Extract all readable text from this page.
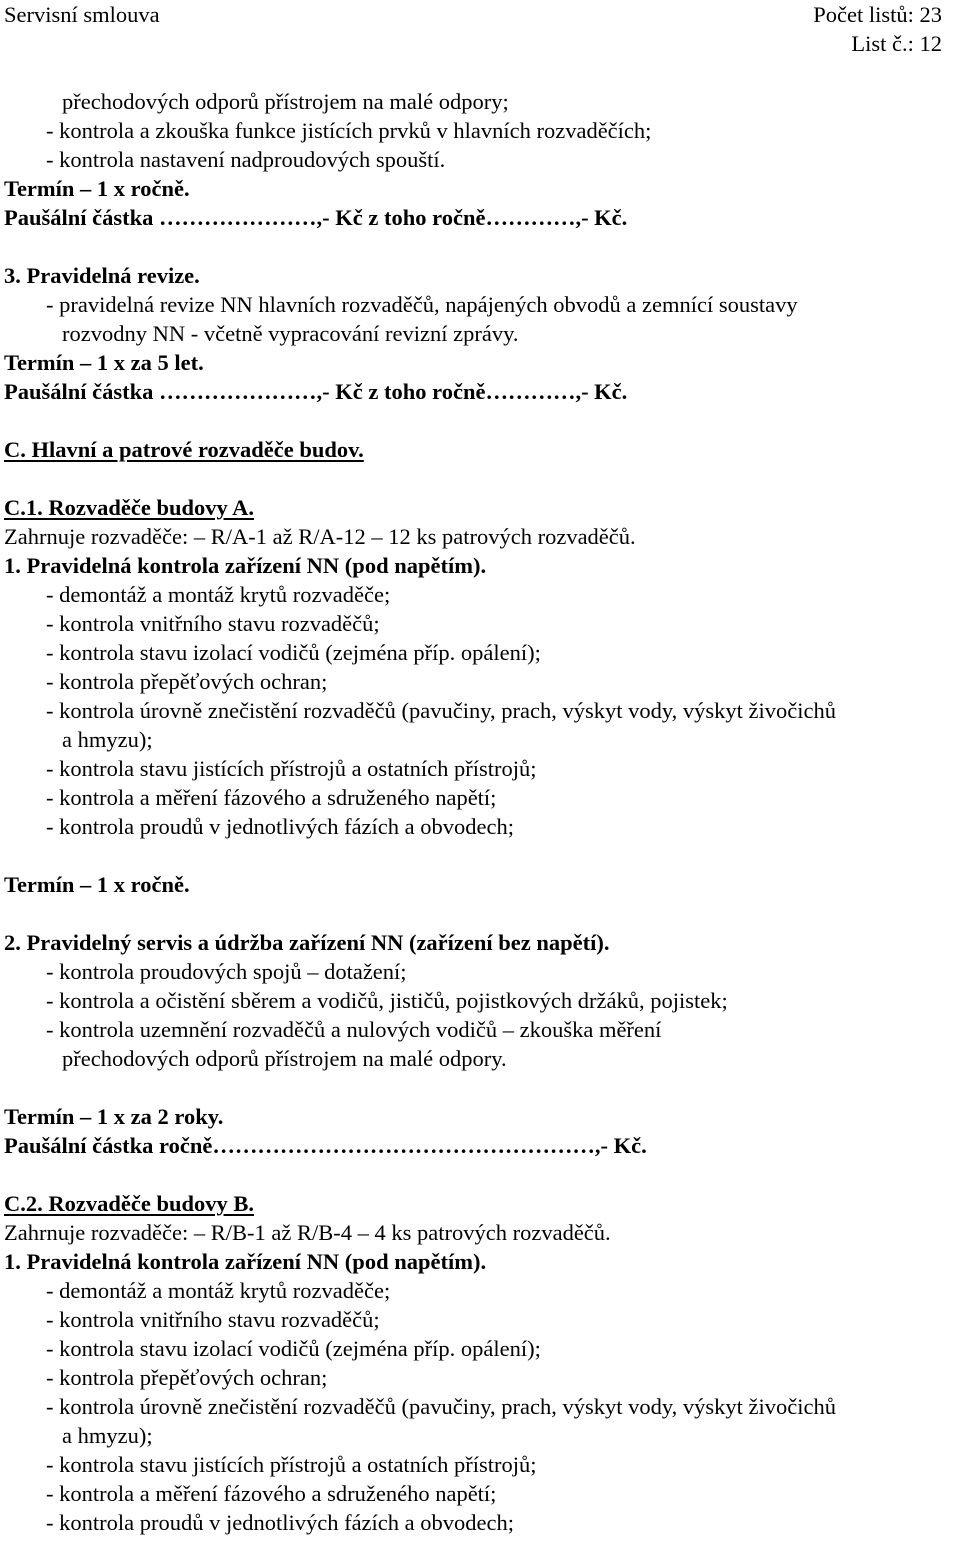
Servisní smlouva	Počet listů: 23
List č.: 12
přechodových odporů přístrojem na malé odpory;
- kontrola a zkouška funkce jistících prvků v hlavních rozvaděčích;
- kontrola nastavení nadproudových spouští.
Termín – 1 x ročně.
Paušální částka …………………,- Kč z toho ročně…………,- Kč.
3. Pravidelná revize.
- pravidelná revize NN hlavních rozvaděčů, napájených obvodů a zemnící soustavy
rozvodny NN - včetně vypracování revizní zprávy.
Termín – 1 x za 5 let.
Paušální částka …………………,- Kč z toho ročně…………,- Kč.
C. Hlavní a patrové rozvaděče budov.
C.1. Rozvaděče budovy A.
Zahrnuje rozvaděče: – R/A-1 až R/A-12 – 12 ks patrových rozvaděčů.
1. Pravidelná kontrola zařízení NN (pod napětím).
- demontáž a montáž krytů rozvaděče;
- kontrola vnitřního stavu rozvaděčů;
- kontrola stavu izolací vodičů (zejména příp. opálení);
- kontrola přepěťových ochran;
- kontrola úrovně znečistění rozvaděčů (pavučiny, prach, výskyt vody, výskyt živočichů
a hmyzu);
- kontrola stavu jistících přístrojů a ostatních přístrojů;
- kontrola a měření fázového a sdruženého napětí;
- kontrola proudů v jednotlivých fázích a obvodech;
Termín – 1 x ročně.
2. Pravidelný servis a údržba zařízení NN (zařízení bez napětí).
- kontrola proudových spojů – dotažení;
- kontrola a očistění sběrem a vodičů, jističů, pojistkových držáků, pojistek;
- kontrola uzemnění rozvaděčů a nulových vodičů – zkouška měření
přechodových odporů přístrojem na malé odpory.
Termín – 1 x za 2 roky.
Paušální částka ročně……………………………………………,- Kč.
C.2. Rozvaděče budovy B.
Zahrnuje rozvaděče: – R/B-1 až R/B-4 – 4 ks patrových rozvaděčů.
1. Pravidelná kontrola zařízení NN (pod napětím).
- demontáž a montáž krytů rozvaděče;
- kontrola vnitřního stavu rozvaděčů;
- kontrola stavu izolací vodičů (zejména příp. opálení);
- kontrola přepěťových ochran;
- kontrola úrovně znečistění rozvaděčů (pavučiny, prach, výskyt vody, výskyt živočichů
a hmyzu);
- kontrola stavu jistících přístrojů a ostatních přístrojů;
- kontrola a měření fázového a sdruženého napětí;
- kontrola proudů v jednotlivých fázích a obvodech;
